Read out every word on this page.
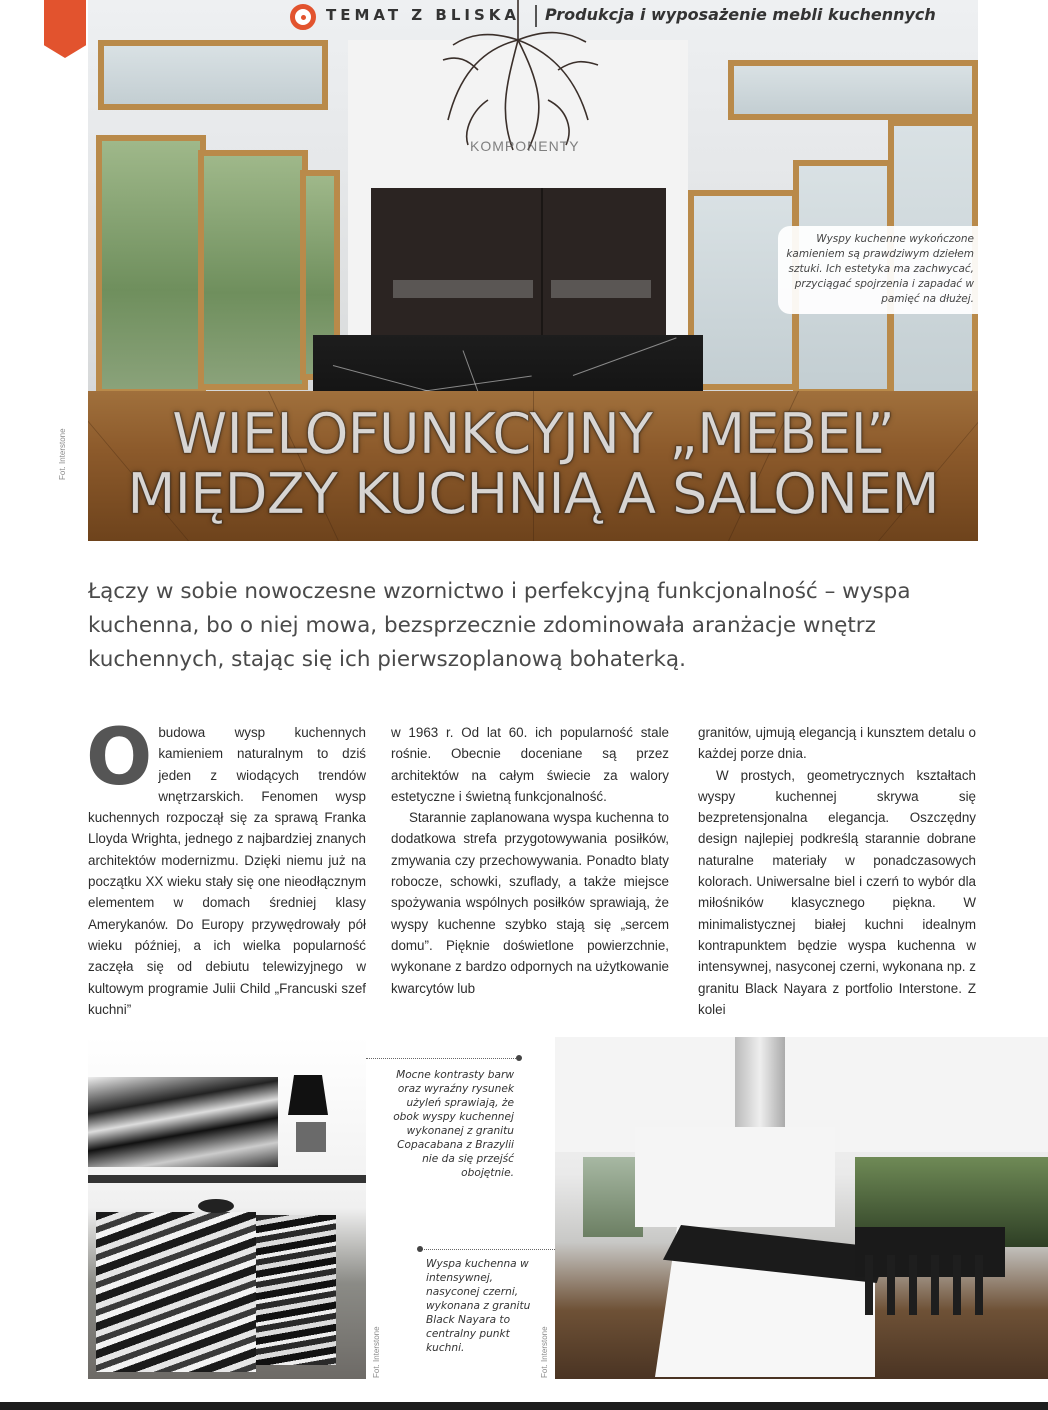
TEMAT Z BLISKA Produkcja i wyposażenie mebli kuchennych
KOMPONENTY

Wyspy kuchenne wykończone kamieniem są prawdziwym dziełem sztuki. Ich estetyka ma zachwycać, przyciągać spojrzenia i zapadać w pamięć na dłużej.

WIELOFUNKCYJNY „MEBEL”
MIĘDZY KUCHNIĄ A SALONEM
Fot. Interstone
Łączy w sobie nowoczesne wzornictwo i perfekcyjną funkcjonalność – wyspa kuchenna, bo o niej mowa, bezsprzecznie zdominowała aranżacje wnętrz kuchennych, stając się ich pierwszoplanową bohaterką.

Obudowa wysp kuchennych kamieniem naturalnym to dziś jeden z wiodących trendów wnętrzarskich. Fenomen wysp kuchennych rozpoczął się za sprawą Franka Lloyda Wrighta, jednego z najbardziej znanych architektów modernizmu. Dzięki niemu już na początku XX wieku stały się one nieodłącznym elementem w domach średniej klasy Amerykanów. Do Europy przywędrowały pół wieku później, a ich wielka popularność zaczęła się od debiutu telewizyjnego w kultowym programie Julii Child „Francuski szef kuchni”

w 1963 r. Od lat 60. ich popularność stale rośnie. Obecnie doceniane są przez architektów na całym świecie za walory estetyczne i świetną funkcjonalność.

Starannie zaplanowana wyspa kuchenna to dodatkowa strefa przygotowywania posiłków, zmywania czy przechowywania. Ponadto blaty robocze, schowki, szuflady, a także miejsce spożywania wspólnych posiłków sprawiają, że wyspy kuchenne szybko stają się „sercem domu”. Pięknie doświetlone powierzchnie, wykonane z bardzo odpornych na użytkowanie kwarcytów lub

granitów, ujmują elegancją i kunsztem detalu o każdej porze dnia.

W prostych, geometrycznych kształtach wyspy kuchennej skrywa się bezpretensjonalna elegancja. Oszczędny design najlepiej podkreślą starannie dobrane naturalne materiały w ponadczasowych kolorach. Uniwersalne biel i czerń to wybór dla miłośników klasycznego piękna. W minimalistycznej białej kuchni idealnym kontrapunktem będzie wyspa kuchenna w intensywnej, nasyconej czerni, wykonana np. z granitu Black Nayara z portfolio Interstone. Z kolei

Mocne kontrasty barw oraz wyraźny rysunek użyleń sprawiają, że obok wyspy kuchennej wykonanej z granitu Copacabana z Brazylii nie da się przejść obojętnie.
Wyspa kuchenna w intensywnej, nasyconej czerni, wykonana z granitu Black Nayara to centralny punkt kuchni.
Fot. Interstone	Fot. Interstone
